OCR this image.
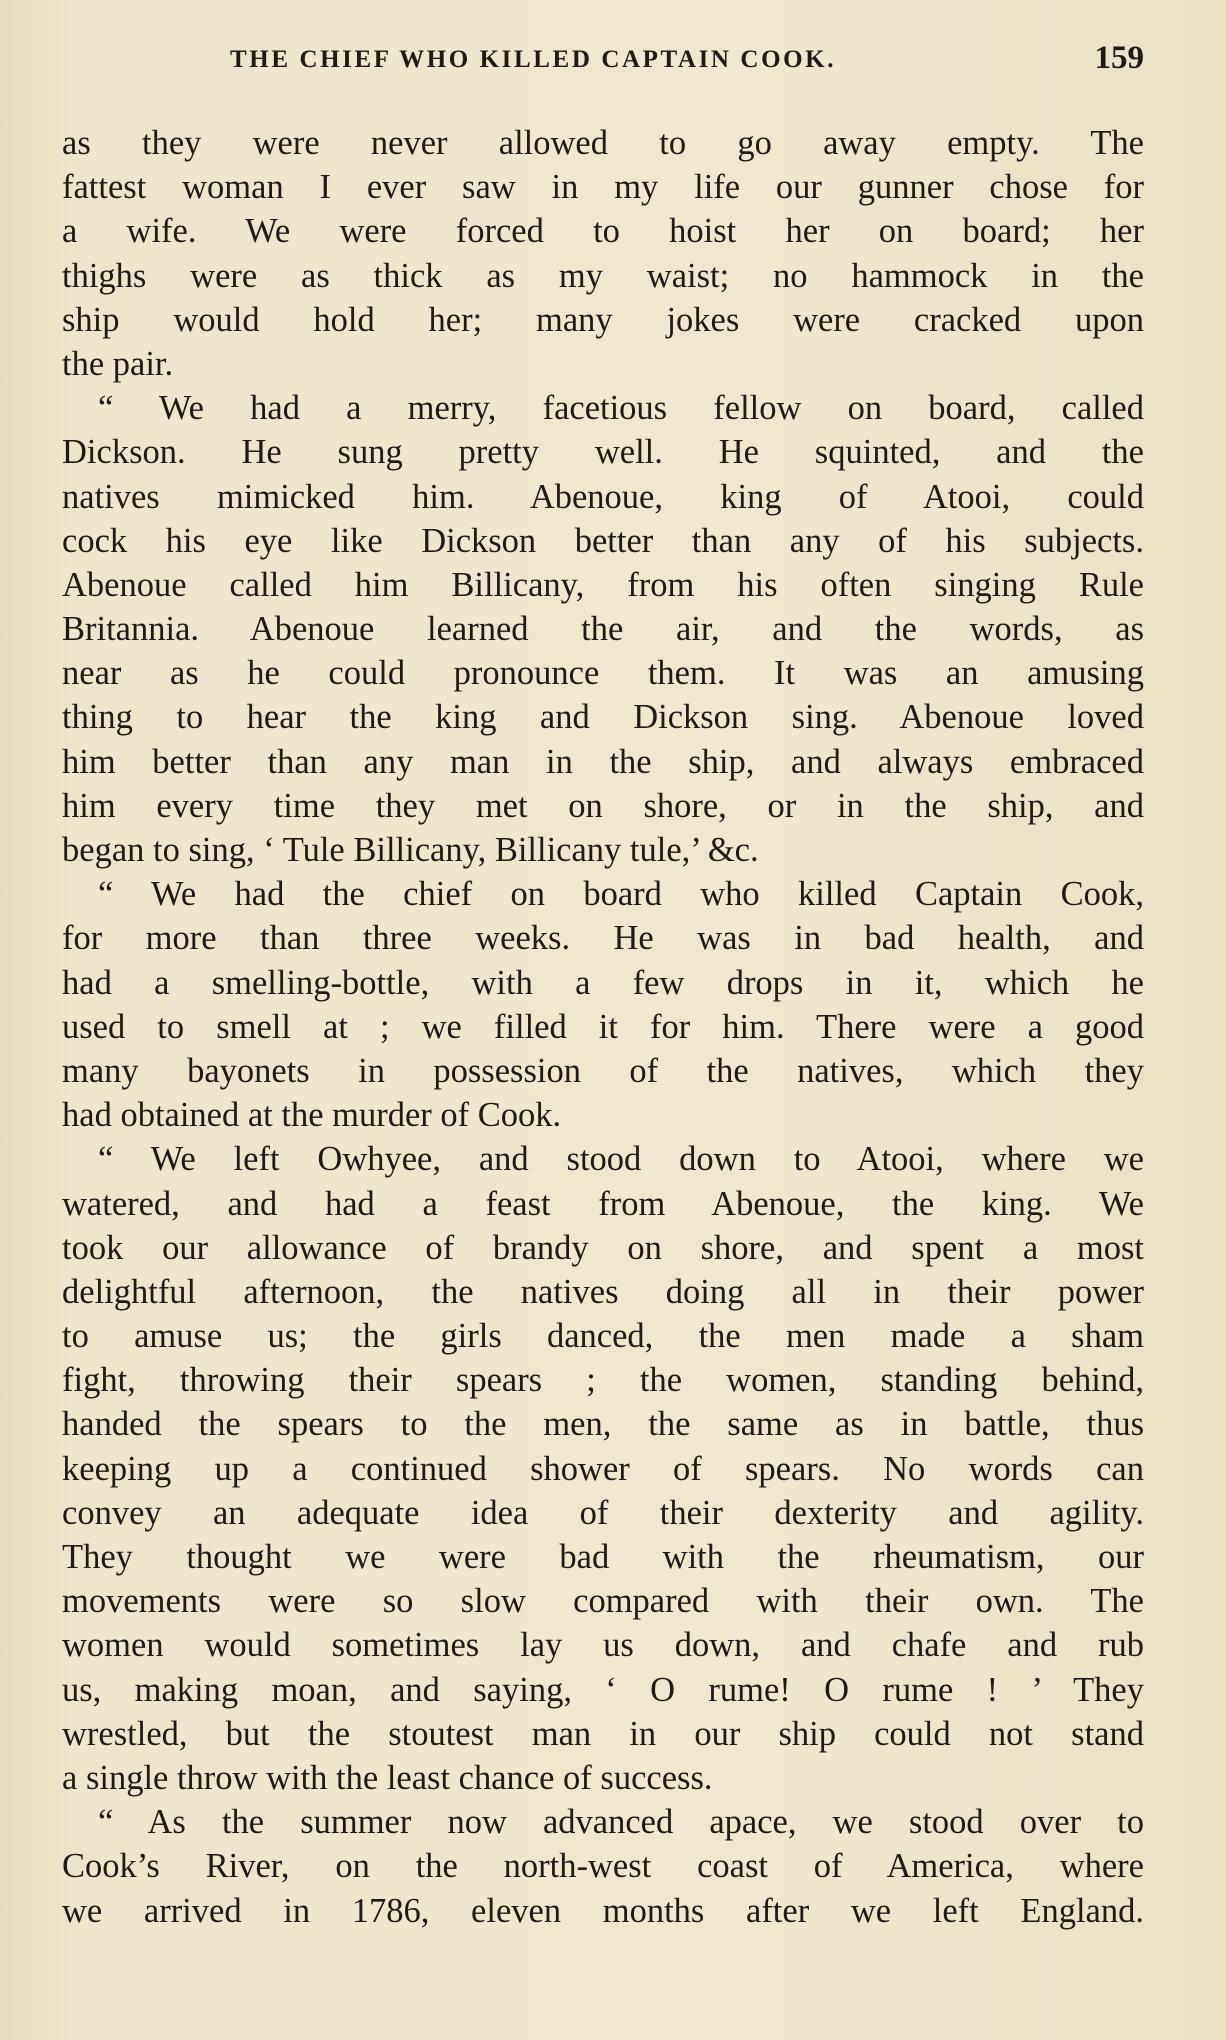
THE CHIEF WHO KILLED CAPTAIN COOK.	159
as they were never allowed to go away empty. The
fattest woman I ever saw in my life our gunner chose for
a wife. We were forced to hoist her on board; her
thighs were as thick as my waist; no hammock in the
ship would hold her; many jokes were cracked upon
the pair.
“ We had a merry, facetious fellow on board, called
Dickson. He sung pretty well. He squinted, and the
natives mimicked him. Abenoue, king of Atooi, could
cock his eye like Dickson better than any of his subjects.
Abenoue called him Billicany, from his often singing Rule
Britannia. Abenoue learned the air, and the words, as
near as he could pronounce them. It was an amusing
thing to hear the king and Dickson sing. Abenoue loved
him better than any man in the ship, and always embraced
him every time they met on shore, or in the ship, and
began to sing, ‘ Tule Billicany, Billicany tule,’ &c.
“ We had the chief on board who killed Captain Cook,
for more than three weeks. He was in bad health, and
had a smelling-bottle, with a few drops in it, which he
used to smell at ; we filled it for him. There were a good
many bayonets in possession of the natives, which they
had obtained at the murder of Cook.
“ We left Owhyee, and stood down to Atooi, where we
watered, and had a feast from Abenoue, the king. We
took our allowance of brandy on shore, and spent a most
delightful afternoon, the natives doing all in their power
to amuse us; the girls danced, the men made a sham
fight, throwing their spears ; the women, standing behind,
handed the spears to the men, the same as in battle, thus
keeping up a continued shower of spears. No words can
convey an adequate idea of their dexterity and agility.
They thought we were bad with the rheumatism, our
movements were so slow compared with their own. The
women would sometimes lay us down, and chafe and rub
us, making moan, and saying, ‘ O rume! O rume ! ’ They
wrestled, but the stoutest man in our ship could not stand
a single throw with the least chance of success.
“ As the summer now advanced apace, we stood over to
Cook’s River, on the north-west coast of America, where
we arrived in 1786, eleven months after we left England.
